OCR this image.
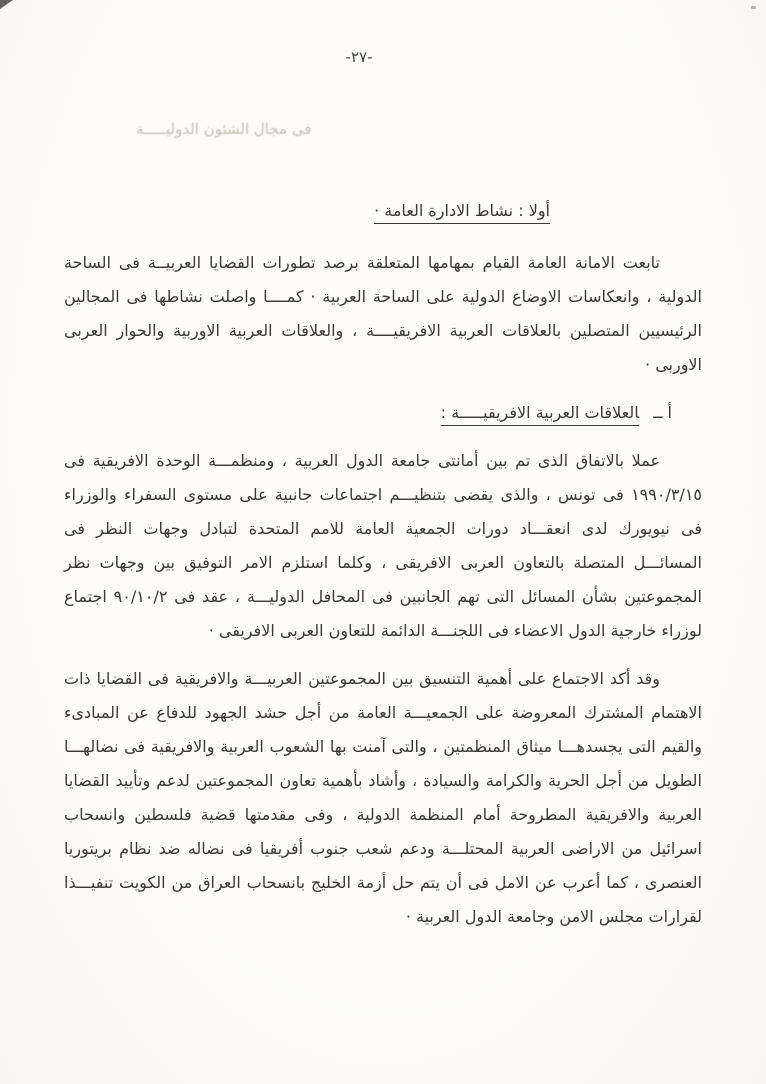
-٢٧-
فى مجال الشئون الدوليـــــة
أولا : نشاط الادارة العامة ·

تابعت الامانة العامة القيام بمهامها المتعلقة برصد تطورات القضايا العربيــة فى الساحة الدولية ، وانعكاسات الاوضاع الدولية على الساحة العربية · كمــــا واصلت نشاطها فى المجالين الرئيسيين المتصلين بالعلاقات العربية الافريقيــــة ، والعلاقات العربية الاوربية والحوار العربى الاوربى ·

أ ــالعلاقات العربية الافريقيـــــة :

عملا بالاتفاق الذى تم بين أمانتى جامعة الدول العربية ، ومنظمـــة الوحدة الافريقية فى ١٩٩٠/٣/١٥ فى تونس ، والذى يقضى بتنظيـــم اجتماعات جانبية على مستوى السفراء والوزراء فى نيويورك لدى انعقـــاد دورات الجمعية العامة للامم المتحدة لتبادل وجهات النظر فى المسائـــل المتصلة بالتعاون العربى الافريقى ، وكلما استلزم الامر التوفيق بين وجهات نظر المجموعتين بشأن المسائل التى تهم الجانبين فى المحافل الدوليـــة ، عقد فى ٩٠/١٠/٢ اجتماع لوزراء خارجية الدول الاعضاء فى اللجنـــة الدائمة للتعاون العربى الافريقى ·

وقد أكد الاجتماع على أهمية التنسيق بين المجموعتين العربيـــة والافريقية فى القضايا ذات الاهتمام المشترك المعروضة على الجمعيـــة العامة من أجل حشد الجهود للدفاع عن المبادىء والقيم التى يجسدهـــا ميثاق المنظمتين ، والتى آمنت بها الشعوب العربية والافريقية فى نضالهـــا الطويل من أجل الحرية والكرامة والسيادة ، وأشاد بأهمية تعاون المجموعتين لدعم وتأييد القضايا العربية والافريقية المطروحة أمام المنظمة الدولية ، وفى مقدمتها قضية فلسطين وانسحاب اسرائيل من الاراضى العربية المحتلـــة ودعم شعب جنوب أفريقيا فى نضاله ضد نظام بريتوريا العنصرى ، كما أعرب عن الامل فى أن يتم حل أزمة الخليج بانسحاب العراق من الكويت تنفيـــذا لقرارات مجلس الامن وجامعة الدول العربية ·
